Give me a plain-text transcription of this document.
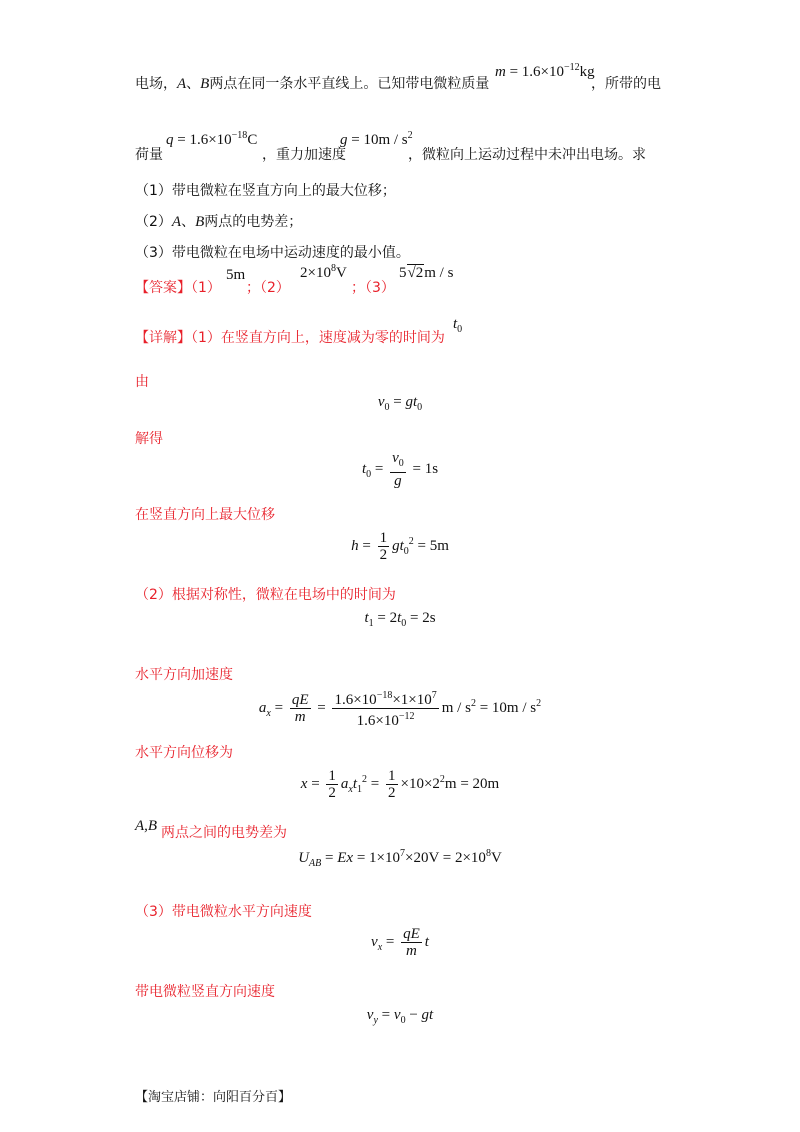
电场，A、B两点在同一条水平直线上。已知带电微粒质量
$m = 1.6\times 10^{-12}kg$
，所带的电
荷量
$q = 1.6\times 10^{-18}C$
，重力加速度
$g = 10m / s^2$
，微粒向上运动过程中未冲出电场。求
（1）带电微粒在竖直方向上的最大位移；
（2）A、B两点的电势差；
（3）带电微粒在电场中运动速度的最小值。
【答案】（1）
5m
；（2）
$2\times 10^8V$
；（3）
5√2m / s
【详解】（1）在竖直方向上，速度减为零的时间为
$t_0$
由
$v_0 = gt_0$
解得
$t_0 = \frac{v_0}{g} = 1s$
在竖直方向上最大位移
$h = \frac{1}{2} gt_0^2 = 5m$
（2）根据对称性，微粒在电场中的时间为
$t_1 = 2t_0 = 2s$
水平方向加速度
$a_x = \frac{qE}{m} = \frac{1.6\times 10^{-18}\times 1\times 10^7}{1.6\times 10^{-12}}$ $m / s^2 = 10m / s^2$
水平方向位移为
$x = \frac{1}{2} a_xt_1^2 = \frac{1}{2} \times 10\times 2^2m = 20m$
A,B 两点之间的电势差为
$U_{AB} = Ex = 1\times 10^7\times 20V = 2\times 10^8V$
（3）带电微粒水平方向速度
$v_x = \frac{qE}{m}$ t
带电微粒竖直方向速度
$v_y = v_0$ − gt
【淘宝店铺：向阳百分百】
